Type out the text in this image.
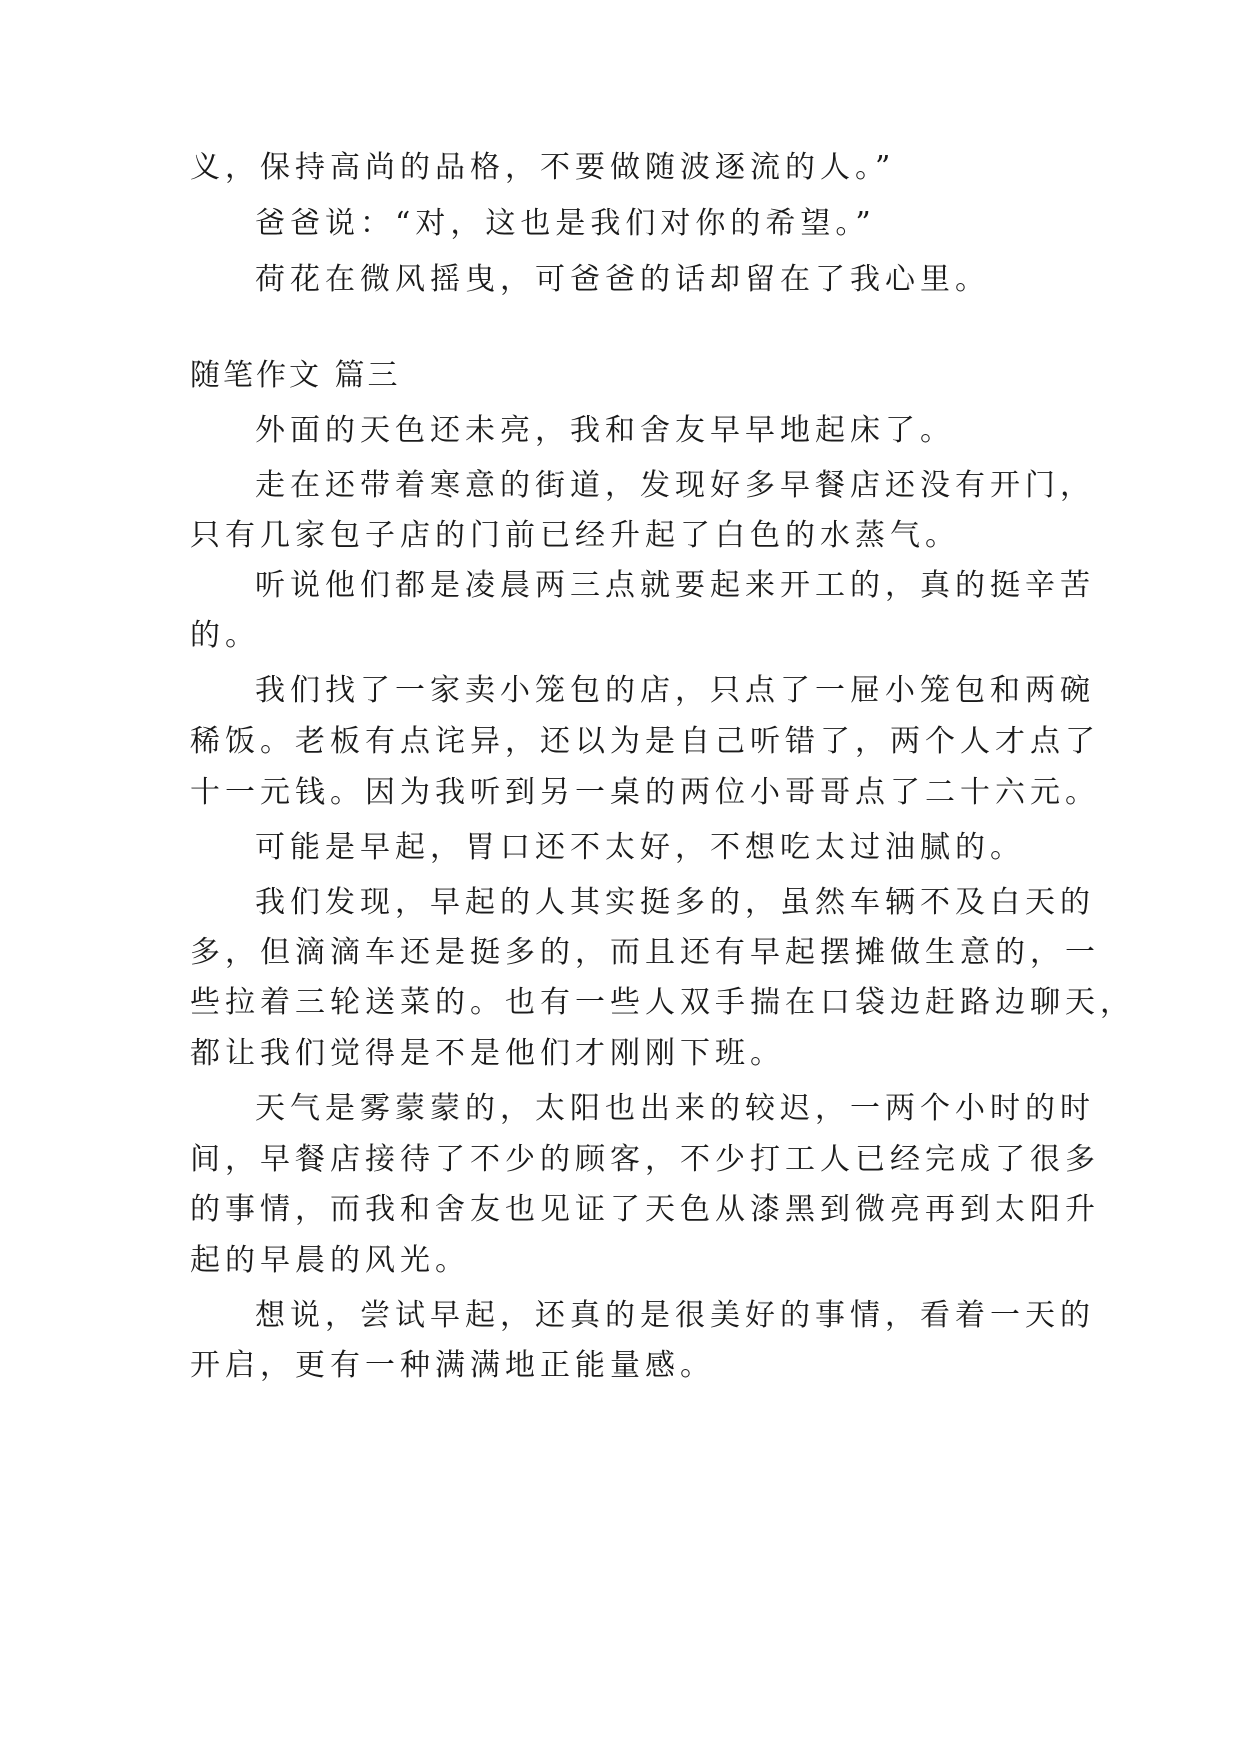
义，保持高尚的品格，不要做随波逐流的人。”

爸爸说：“对，这也是我们对你的希望。”

荷花在微风摇曳，可爸爸的话却留在了我心里。

随笔作文 篇三

外面的天色还未亮，我和舍友早早地起床了。

走在还带着寒意的街道，发现好多早餐店还没有开门，

只有几家包子店的门前已经升起了白色的水蒸气。

听说他们都是凌晨两三点就要起来开工的，真的挺辛苦

的。

我们找了一家卖小笼包的店，只点了一屉小笼包和两碗

稀饭。老板有点诧异，还以为是自己听错了，两个人才点了

十一元钱。因为我听到另一桌的两位小哥哥点了二十六元。

可能是早起，胃口还不太好，不想吃太过油腻的。

我们发现，早起的人其实挺多的，虽然车辆不及白天的

多，但滴滴车还是挺多的，而且还有早起摆摊做生意的，一

些拉着三轮送菜的。也有一些人双手揣在口袋边赶路边聊天，

都让我们觉得是不是他们才刚刚下班。

天气是雾蒙蒙的，太阳也出来的较迟，一两个小时的时

间，早餐店接待了不少的顾客，不少打工人已经完成了很多

的事情，而我和舍友也见证了天色从漆黑到微亮再到太阳升

起的早晨的风光。

想说，尝试早起，还真的是很美好的事情，看着一天的

开启，更有一种满满地正能量感。
